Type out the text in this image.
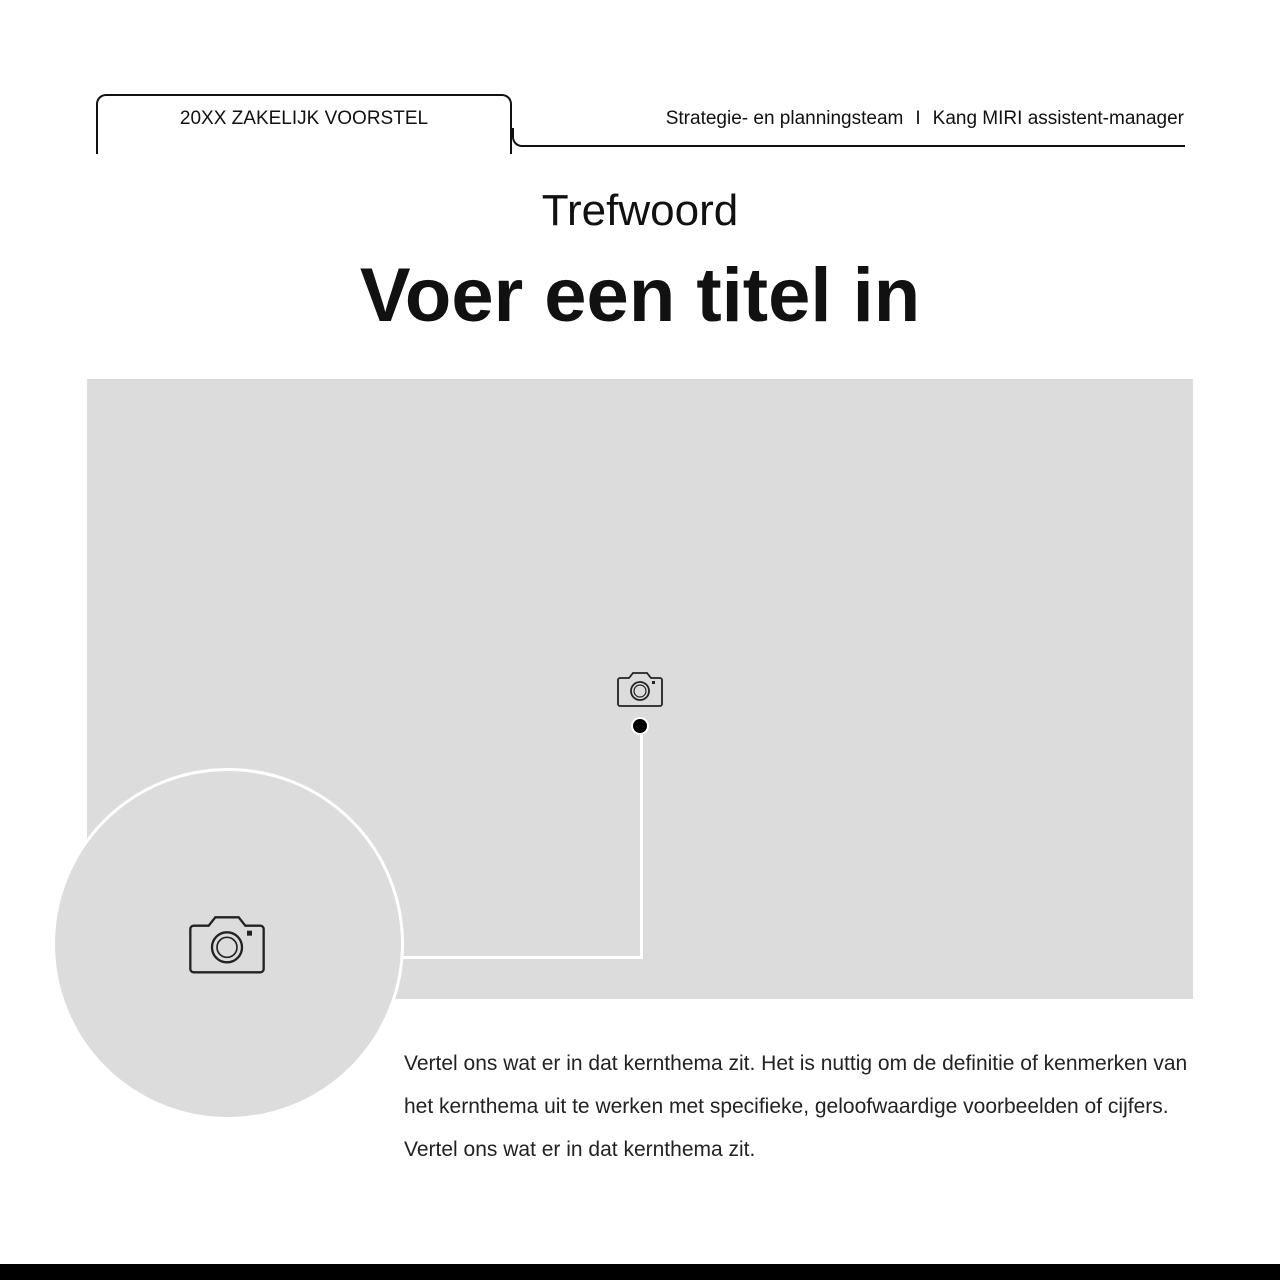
20XX ZAKELIJK VOORSTEL	Strategie- en planningsteam I Kang MIRI assistent-manager
Trefwoord
Voer een titel in
Vertel ons wat er in dat kernthema zit. Het is nuttig om de definitie of kenmerken van het kernthema uit te werken met specifieke, geloofwaardige voorbeelden of cijfers. Vertel ons wat er in dat kernthema zit.
